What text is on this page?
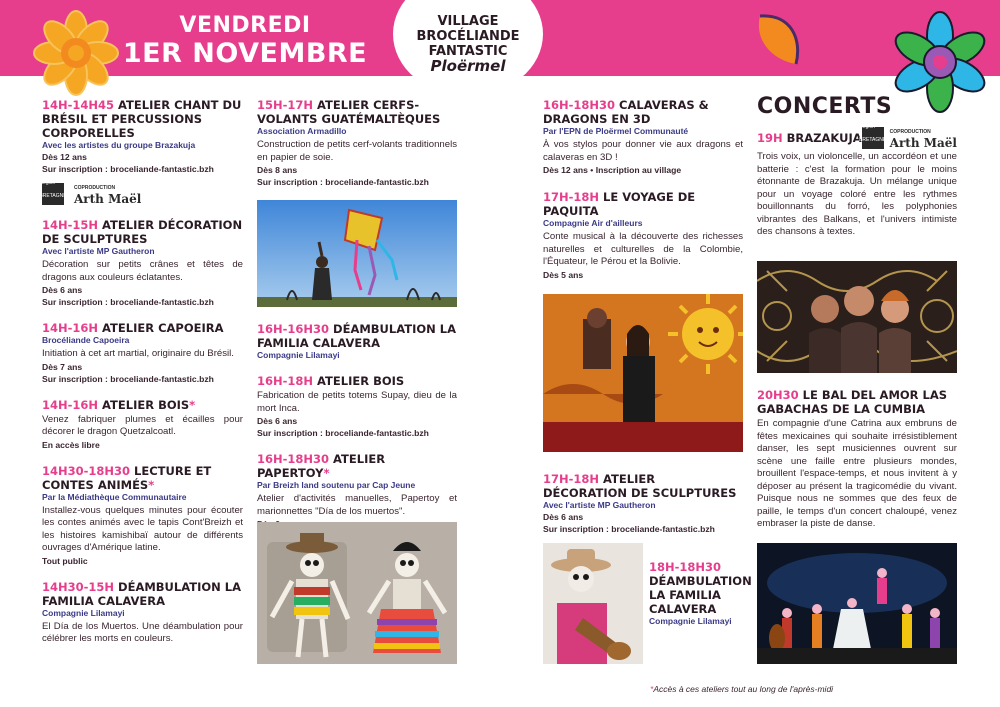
VENDREDI
1ER NOVEMBRE
VILLAGE
BROCÉLIANDE
FANTASTIC
Ploërmel
14H-14H45 ATELIER CHANT DU BRÉSIL ET PERCUSSIONS CORPORELLES
Avec les artistes du groupe Brazakuja
Dès 12 ans
Sur inscription : broceliande-fantastic.bzh
Région BRETAGNE
COPRODUCTION
Arth Maël
14H-15H ATELIER DÉCORATION DE SCULPTURES
Avec l'artiste MP Gautheron
Décoration sur petits crânes et têtes de dragons aux couleurs éclatantes.
Dès 6 ans
Sur inscription : broceliande-fantastic.bzh
14H-16H ATELIER CAPOEIRA
Brocéliande Capoeira
Initiation à cet art martial, originaire du Brésil.
Dès 7 ans
Sur inscription : broceliande-fantastic.bzh
14H-16H ATELIER BOIS*
Venez fabriquer plumes et écailles pour décorer le dragon Quetzalcoatl.
En accès libre
14H30-18H30 LECTURE ET CONTES ANIMÉS*
Par la Médiathèque Communautaire
Installez-vous quelques minutes pour écouter les contes animés avec le tapis Cont'Breizh et les histoires kamishibaï autour de différents ouvrages d'Amérique latine.
Tout public
14H30-15H DÉAMBULATION LA FAMILIA CALAVERA
Compagnie Lilamayi
El Día de los Muertos. Une déambulation pour célébrer les morts en couleurs.
15H-17H ATELIER CERFS-VOLANTS GUATÉMALTÈQUES
Association Armadillo
Construction de petits cerf-volants traditionnels en papier de soie.
Dès 8 ans
Sur inscription : broceliande-fantastic.bzh
16H-16H30 DÉAMBULATION LA FAMILIA CALAVERA
Compagnie Lilamayi
16H-18H ATELIER BOIS
Fabrication de petits totems Supay, dieu de la mort Inca.
Dès 6 ans
Sur inscription : broceliande-fantastic.bzh
16H-18H30 ATELIER PAPERTOY*
Par Breizh land soutenu par Cap Jeune
Atelier d'activités manuelles, Papertoy et marionnettes "Día de los muertos".
16H-18H30 CALAVERAS & DRAGONS EN 3D
Par l'EPN de Ploërmel Communauté
À vos stylos pour donner vie aux dragons et calaveras en 3D !
Dès 12 ans • Inscription au village
17H-18H LE VOYAGE DE PAQUITA
Compagnie Air d'ailleurs
Conte musical à la découverte des richesses naturelles et culturelles de la Colombie, l'Équateur, le Pérou et la Bolivie.
Dès 5 ans
17H-18H ATELIER DÉCORATION DE SCULPTURES
Avec l'artiste MP Gautheron
Dès 6 ans
Sur inscription : broceliande-fantastic.bzh
18H-18H30
DÉAMBULATION LA FAMILIA CALAVERA
Compagnie Lilamayi
CONCERTS
19H BRAZAKUJA
Région BRETAGNE
COPRODUCTION
Arth Maël
Trois voix, un violoncelle, un accordéon et une batterie : c'est la formation pour le moins étonnante de Brazakuja. Un mélange unique pour un voyage coloré entre les rythmes bouillonnants du forró, les polyphonies vibrantes des Balkans, et l'univers intimiste des chansons à textes.
20H30 LE BAL DEL AMOR LAS GABACHAS DE LA CUMBIA
En compagnie d'une Catrina aux embruns de fêtes mexicaines qui souhaite irrésistiblement danser, les sept musiciennes ouvrent sur scène une faille entre plusieurs mondes, brouillent l'espace-temps, et nous invitent à y déposer au présent la tragicomédie du vivant. Puisque nous ne sommes que des feux de paille, le temps d'un concert chaloupé, venez embraser la piste de danse.
*Accès à ces ateliers tout au long de l'après-midi
